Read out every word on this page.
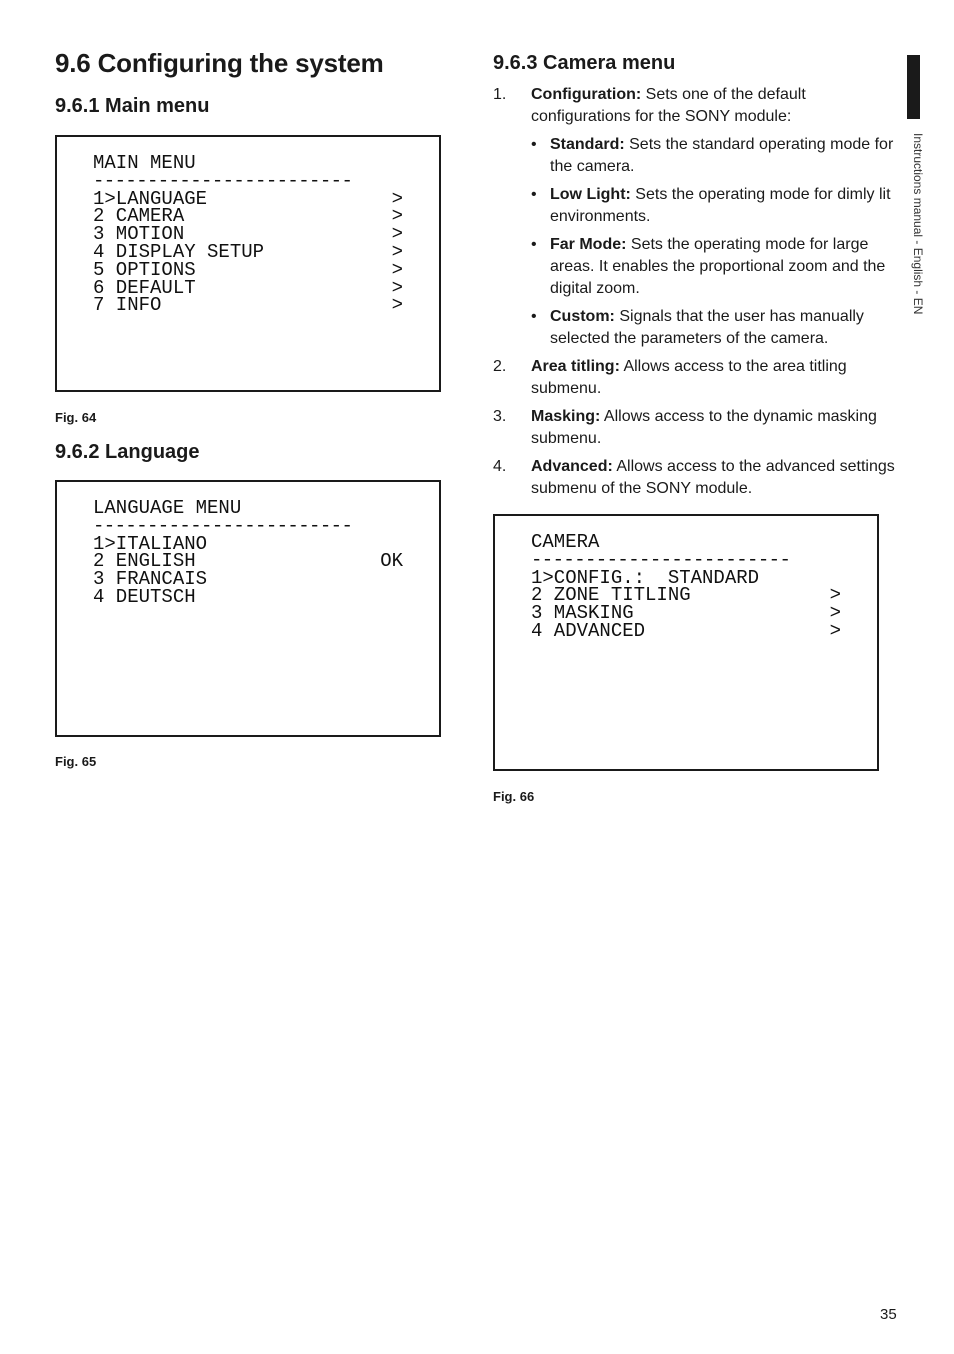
9.6 Configuring the system
9.6.1 Main menu
MAIN MENU
------------------------
1>LANGUAGE	>
2 CAMERA	>
3 MOTION	>
4 DISPLAY SETUP	>
5 OPTIONS	>
6 DEFAULT	>
7 INFO	>
Fig. 64
9.6.2 Language
LANGUAGE MENU
------------------------
1>ITALIANO
2 ENGLISH	OK
3 FRANCAIS
4 DEUTSCH
Fig. 65
9.6.3 Camera menu
1. Configuration: Sets one of the default configurations for the SONY module:
• Standard: Sets the standard operating mode for the camera.
• Low Light: Sets the operating mode for dimly lit environments.
• Far Mode: Sets the operating mode for large areas. It enables the proportional zoom and the digital zoom.
• Custom: Signals that the user has manually selected the parameters of the camera.
2. Area titling: Allows access to the area titling submenu.
3. Masking: Allows access to the dynamic masking submenu.
4. Advanced: Allows access to the advanced settings submenu of the SONY module.
CAMERA
------------------------
1>CONFIG.:  STANDARD
2 ZONE TITLING	>
3 MASKING	>
4 ADVANCED	>
Fig. 66
Instructions manual - English - EN
35
